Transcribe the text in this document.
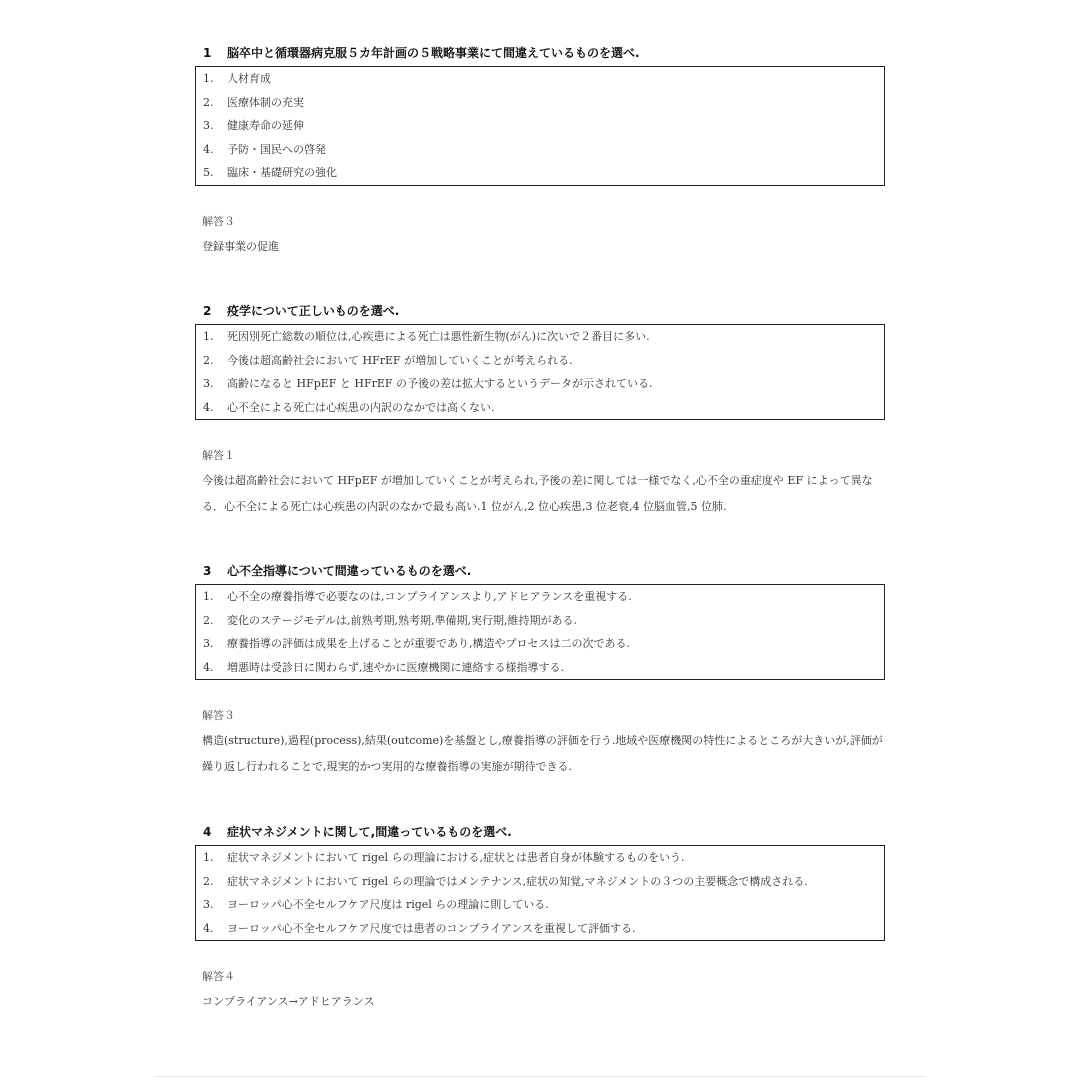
1 脳卒中と循環器病克服５カ年計画の５戦略事業にて間違えているものを選べ.
1. 人材育成
2. 医療体制の充実
3. 健康寿命の延伸
4. 予防・国民への啓発
5. 臨床・基礎研究の強化
解答３
登録事業の促進
2 疫学について正しいものを選べ.
1. 死因別死亡総数の順位は,心疾患による死亡は悪性新生物(がん)に次いで２番目に多い.
2. 今後は超高齢社会において HFrEF が増加していくことが考えられる.
3. 高齢になると HFpEF と HFrEF の予後の差は拡大するというデータが示されている.
4. 心不全による死亡は心疾患の内訳のなかでは高くない.
解答１
今後は超高齢社会において HFpEF が増加していくことが考えられ,予後の差に関しては一様でなく,心不全の重症度や EF によって異なる．心不全による死亡は心疾患の内訳のなかで最も高い.1 位がん,2 位心疾患,3 位老衰,4 位脳血管,5 位肺.
3 心不全指導について間違っているものを選べ.
1. 心不全の療養指導で必要なのは,コンプライアンスより,アドヒアランスを重視する.
2. 変化のステージモデルは,前熟考期,熟考期,準備期,実行期,維持期がある.
3. 療養指導の評価は成果を上げることが重要であり,構造やプロセスは二の次である.
4. 増悪時は受診日に関わらず,速やかに医療機関に連絡する様指導する.
解答３
構造(structure),過程(process),結果(outcome)を基盤とし,療養指導の評価を行う.地域や医療機関の特性によるところが大きいが,評価が繰り返し行われることで,現実的かつ実用的な療養指導の実施が期待できる.
4 症状マネジメントに関して,間違っているものを選べ.
1. 症状マネジメントにおいて rigel らの理論における,症状とは患者自身が体験するものをいう.
2. 症状マネジメントにおいて rigel らの理論ではメンテナンス,症状の知覚,マネジメントの３つの主要概念で構成される.
3. ヨーロッパ心不全セルフケア尺度は rigel らの理論に則している.
4. ヨーロッパ心不全セルフケア尺度では患者のコンプライアンスを重視して評価する.
解答４
コンプライアンス→アドヒアランス
